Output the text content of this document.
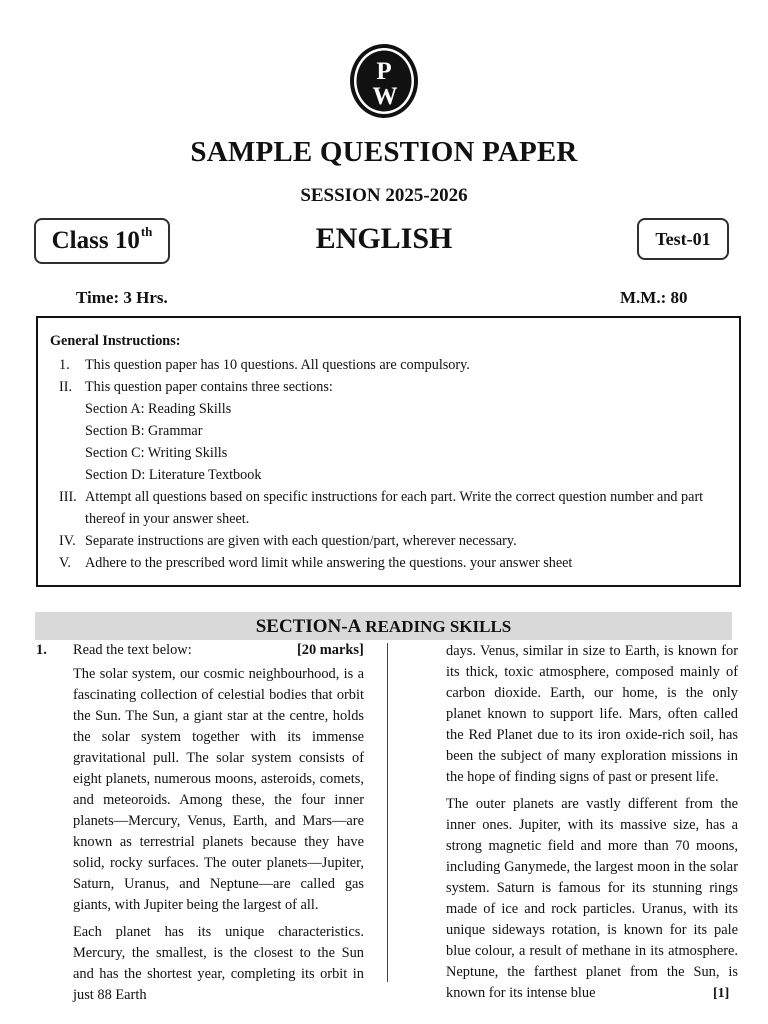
P
W
SAMPLE QUESTION PAPER
SESSION 2025-2026
ENGLISH
Class 10th	Test-01
Time: 3 Hrs.	M.M.: 80
General Instructions:
1.	This question paper has 10 questions. All questions are compulsory.
II. This question paper contains three sections:
Section A: Reading Skills
Section B: Grammar
Section C: Writing Skills
Section D: Literature Textbook
III. Attempt all questions based on specific instructions for each part. Write the correct question number and part thereof in your answer sheet.
IV. Separate instructions are given with each question/part, wherever necessary.
V. Adhere to the prescribed word limit while answering the questions. your answer sheet
SECTION-A READING SKILLS
1. Read the text below:	[20 marks]

The solar system, our cosmic neighbourhood, is a fascinating collection of celestial bodies that orbit the Sun. The Sun, a giant star at the centre, holds the solar system together with its immense gravitational pull. The solar system consists of eight planets, numerous moons, asteroids, comets, and meteoroids. Among these, the four inner planets—Mercury, Venus, Earth, and Mars—are known as terrestrial planets because they have solid, rocky surfaces. The outer planets—Jupiter, Saturn, Uranus, and Neptune—are called gas giants, with Jupiter being the largest of all.

Each planet has its unique characteristics. Mercury, the smallest, is the closest to the Sun and has the shortest year, completing its orbit in just 88 Earth

days. Venus, similar in size to Earth, is known for its thick, toxic atmosphere, composed mainly of carbon dioxide. Earth, our home, is the only planet known to support life. Mars, often called the Red Planet due to its iron oxide-rich soil, has been the subject of many exploration missions in the hope of finding signs of past or present life.

The outer planets are vastly different from the inner ones. Jupiter, with its massive size, has a strong magnetic field and more than 70 moons, including Ganymede, the largest moon in the solar system. Saturn is famous for its stunning rings made of ice and rock particles. Uranus, with its unique sideways rotation, is known for its pale blue colour, a result of methane in its atmosphere. Neptune, the farthest planet from the Sun, is known for its intense blue	[1]
